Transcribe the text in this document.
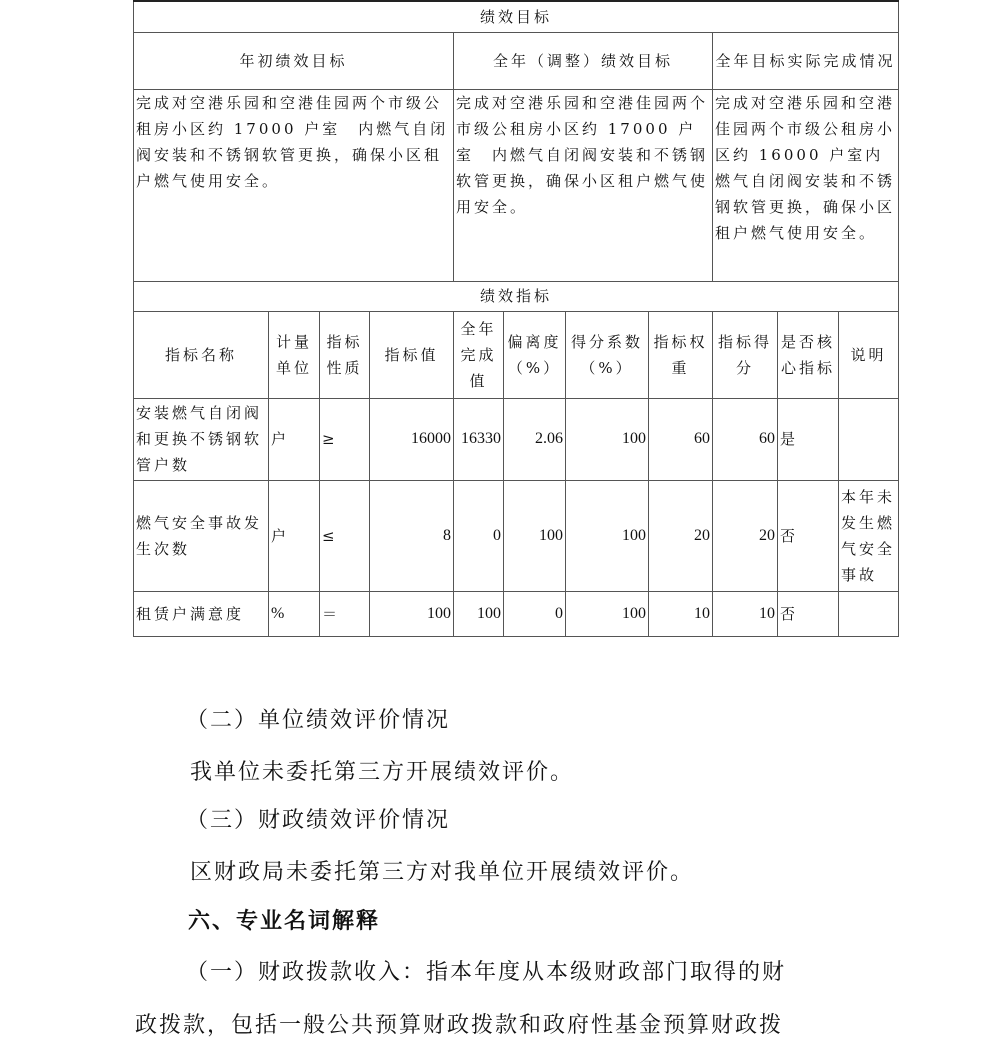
绩效目标										
年初绩效目标				全年（调整）绩效目标				全年目标实际完成情况		
完成对空港乐园和空港佳园两个市级公租房小区约 17000 户室　内燃气自闭阀安装和不锈钢软管更换，确保小区租户燃气使用安全。				完成对空港乐园和空港佳园两个市级公租房小区约 17000 户室　内燃气自闭阀安装和不锈钢软管更换，确保小区租户燃气使用安全。				完成对空港乐园和空港佳园两个市级公租房小区约 16000 户室内燃气自闭阀安装和不锈钢软管更换，确保小区租户燃气使用安全。		
绩效指标										
指标名称	计量单位	指标性质	指标值	全年完成值	偏离度（%）	得分系数（%）	指标权重	指标得分	是否核心指标	说明
安装燃气自闭阀和更换不锈钢软管户数	户	≥	16000	16330	2.06	100	60	60	是	
燃气安全事故发生次数	户	≤	8	0	100	100	20	20	否	本年未发生燃气安全事故
租赁户满意度	%	＝	100	100	0	100	10	10	否	
（二）单位绩效评价情况
我单位未委托第三方开展绩效评价。
（三）财政绩效评价情况
区财政局未委托第三方对我单位开展绩效评价。
六、专业名词解释
（一）财政拨款收入：指本年度从本级财政部门取得的财
政拨款，包括一般公共预算财政拨款和政府性基金预算财政拨
